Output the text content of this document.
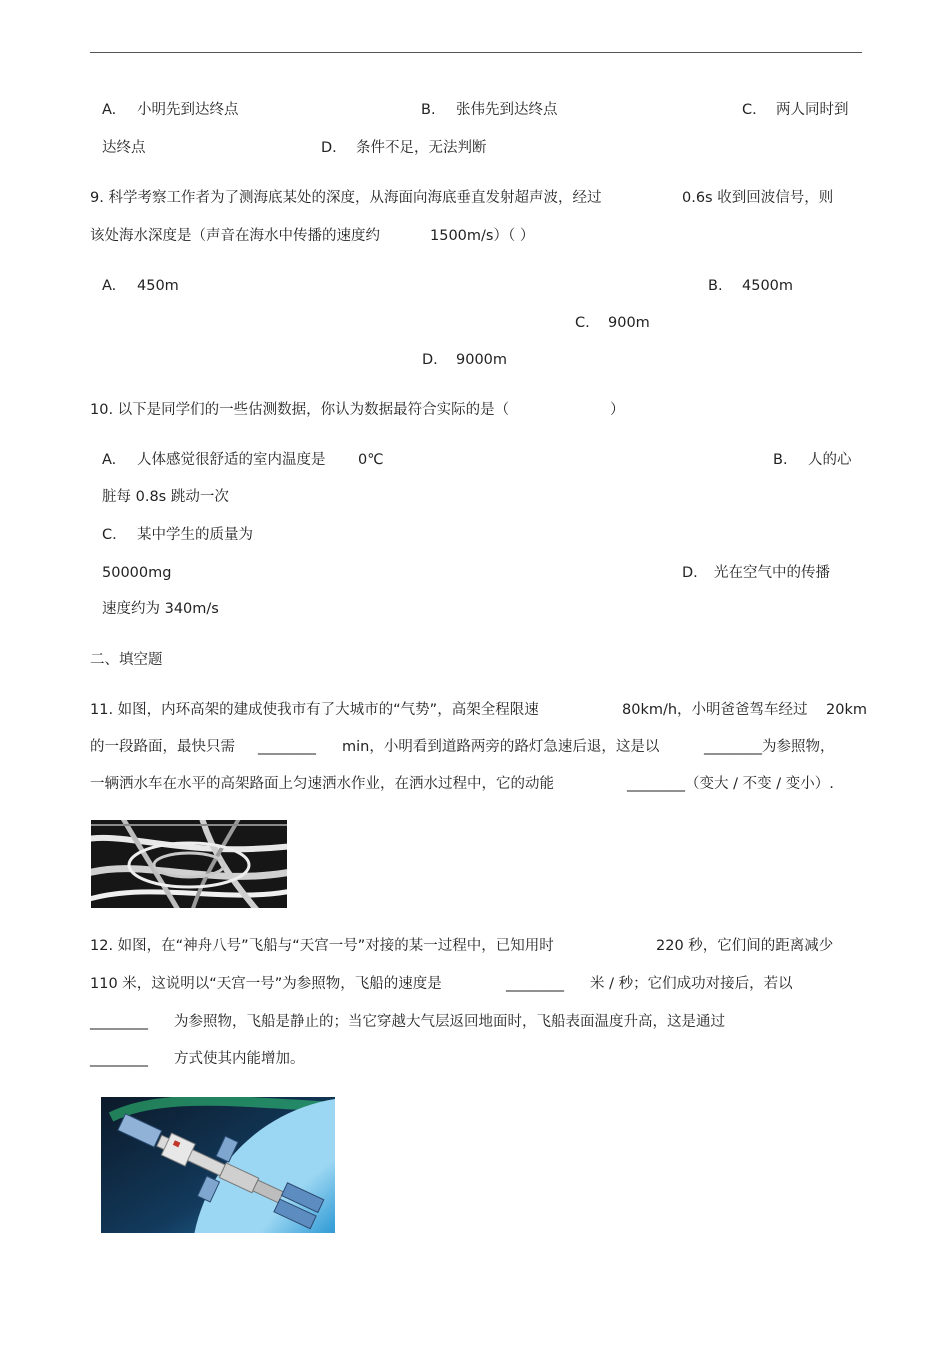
A. 小明先到达终点	B. 张伟先到达终点	C. 两人同时到
达终点	D. 条件不足，无法判断
9. 科学考察工作者为了测海底某处的深度，从海面向海底垂直发射超声波，经过	0.6s 收到回波信号，则
该处海水深度是（声音在海水中传播的速度约	1500m/s）（ ）
A. 450m	B. 4500m
C. 900m
D. 9000m
10. 以下是同学们的一些估测数据，你认为数据最符合实际的是（	）
A. 人体感觉很舒适的室内温度是 0℃	B. 人的心
脏每 0.8s 跳动一次
C. 某中学生的质量为
50000mg	D. 光在空气中的传播
速度约为 340m/s
二、填空题
11. 如图，内环高架的建成使我市有了大城市的“气势”，高架全程限速	80km/h，小明爸爸驾车经过 20km
的一段路面，最快只需 ________ min，小明看到道路两旁的路灯急速后退，这是以	________为参照物，
一辆洒水车在水平的高架路面上匀速洒水作业，在洒水过程中，它的动能	________（变大 / 不变 / 变小）.
12. 如图，在“神舟八号”飞船与“天宫一号”对接的某一过程中，已知用时	220 秒，它们间的距离减少
110 米，这说明以“天宫一号”为参照物，飞船的速度是	________ 米 / 秒；它们成功对接后，若以
________ 为参照物，飞船是静止的；当它穿越大气层返回地面时，飞船表面温度升高，这是通过
________ 方式使其内能增加。
